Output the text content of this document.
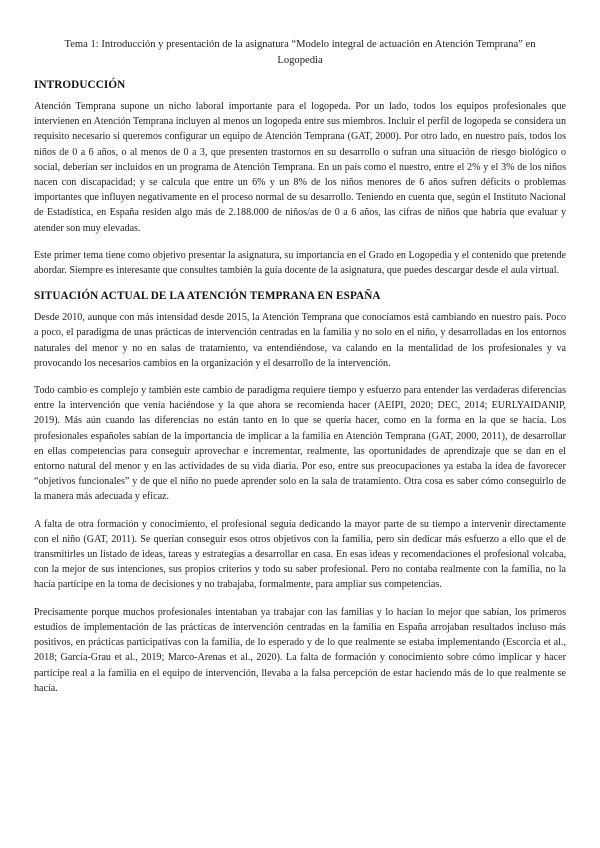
Tema 1: Introducción y presentación de la asignatura “Modelo integral de actuación en Atención Temprana” en Logopedia
INTRODUCCIÓN

Atención Temprana supone un nicho laboral importante para el logopeda. Por un lado, todos los equipos profesionales que intervienen en Atención Temprana incluyen al menos un logopeda entre sus miembros. Incluir el perfil de logopeda se considera un requisito necesario si queremos configurar un equipo de Atención Temprana (GAT, 2000). Por otro lado, en nuestro país, todos los niños de 0 a 6 años, o al menos de 0 a 3, que presenten trastornos en su desarrollo o sufran una situación de riesgo biológico o social, deberían ser incluidos en un programa de Atención Temprana. En un país como el nuestro, entre el 2% y el 3% de los niños nacen con discapacidad; y se calcula que entre un 6% y un 8% de los niños menores de 6 años sufren déficits o problemas importantes que influyen negativamente en el proceso normal de su desarrollo. Teniendo en cuenta que, según el Instituto Nacional de Estadística, en España residen algo más de 2.188.000 de niños/as de 0 a 6 años, las cifras de niños que habría que evaluar y atender son muy elevadas.

Este primer tema tiene como objetivo presentar la asignatura, su importancia en el Grado en Logopedia y el contenido que pretende abordar. Siempre es interesante que consultes también la guía docente de la asignatura, que puedes descargar desde el aula virtual.

SITUACIÓN ACTUAL DE LA ATENCIÓN TEMPRANA EN ESPAÑA

Desde 2010, aunque con más intensidad desde 2015, la Atención Temprana que conocíamos está cambiando en nuestro país. Poco a poco, el paradigma de unas prácticas de intervención centradas en la familia y no solo en el niño, y desarrolladas en los entornos naturales del menor y no en salas de tratamiento, va entendiéndose, va calando en la mentalidad de los profesionales y va provocando los necesarios cambios en la organización y el desarrollo de la intervención.

Todo cambio es complejo y también este cambio de paradigma requiere tiempo y esfuerzo para entender las verdaderas diferencias entre la intervención que venía haciéndose y la que ahora se recomienda hacer (AEIPI, 2020; DEC, 2014; EURLYAIDANIP, 2019). Más aún cuando las diferencias no están tanto en lo que se quería hacer, como en la forma en la que se hacía. Los profesionales españoles sabían de la importancia de implicar a la familia en Atención Temprana (GAT, 2000, 2011), de desarrollar en ellas competencias para conseguir aprovechar e incrementar, realmente, las oportunidades de aprendizaje que se dan en el entorno natural del menor y en las actividades de su vida diaria. Por eso, entre sus preocupaciones ya estaba la idea de favorecer “objetivos funcionales” y de que el niño no puede aprender solo en la sala de tratamiento. Otra cosa es saber cómo conseguirlo de la manera más adecuada y eficaz.

A falta de otra formación y conocimiento, el profesional seguía dedicando la mayor parte de su tiempo a intervenir directamente con el niño (GAT, 2011). Se querían conseguir esos otros objetivos con la familia, pero sin dedicar más esfuerzo a ello que el de transmitirles un listado de ideas, tareas y estrategias a desarrollar en casa. En esas ideas y recomendaciones el profesional volcaba, con la mejor de sus intenciones, sus propios criterios y todo su saber profesional. Pero no contaba realmente con la familia, no la hacía partícipe en la toma de decisiones y no trabajaba, formalmente, para ampliar sus competencias.

Precisamente porque muchos profesionales intentaban ya trabajar con las familias y lo hacían lo mejor que sabían, los primeros estudios de implementación de las prácticas de intervención centradas en la familia en España arrojaban resultados incluso más positivos, en prácticas participativas con la familia, de lo esperado y de lo que realmente se estaba implementando (Escorcia et al., 2018; García-Grau et al., 2019; Marco-Arenas et al., 2020). La falta de formación y conocimiento sobre cómo implicar y hacer partícipe real a la familia en el equipo de intervención, llevaba a la falsa percepción de estar haciendo más de lo que realmente se hacía.
